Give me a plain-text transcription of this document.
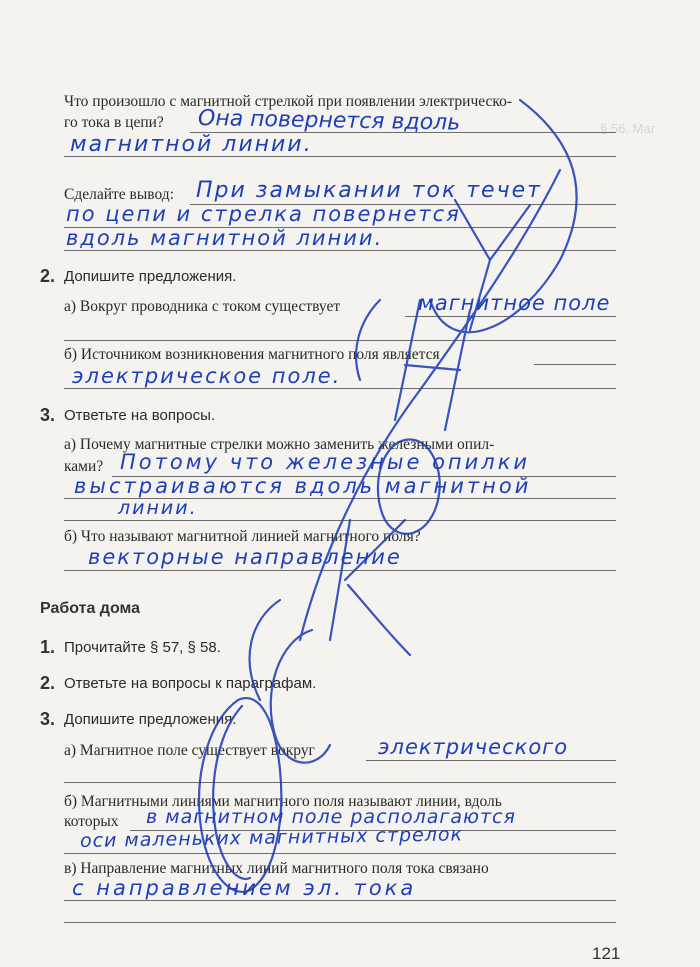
§ 56. Маг
Что произошло с магнитной стрелкой при появлении электрическо-
го тока в цепи? Она повернется вдоль
магнитной линии.
Сделайте вывод: При замыкании ток течет
по цепи и стрелка повернется
вдоль магнитной линии.
2. Допишите предложения.
а) Вокруг проводника с током существует	магнитное поле
б) Источником возникновения магнитного поля является
электрическое поле.
3. Ответьте на вопросы.
а) Почему магнитные стрелки можно заменить железными опил-
ками? Потому что железные опилки
выстраиваются вдоль магнитной
линии.
б) Что называют магнитной линией магнитного поля?
векторные направление
Работа дома
1. Прочитайте § 57, § 58.
2. Ответьте на вопросы к параграфам.
3. Допишите предложения.
а) Магнитное поле существует вокруг	электрического
б) Магнитными линиями магнитного поля называют линии, вдоль
которых в магнитном поле располагаются
оси маленьких магнитных стрелок
в) Направление магнитных линий магнитного поля тока связано
с направлением эл. тока
121
